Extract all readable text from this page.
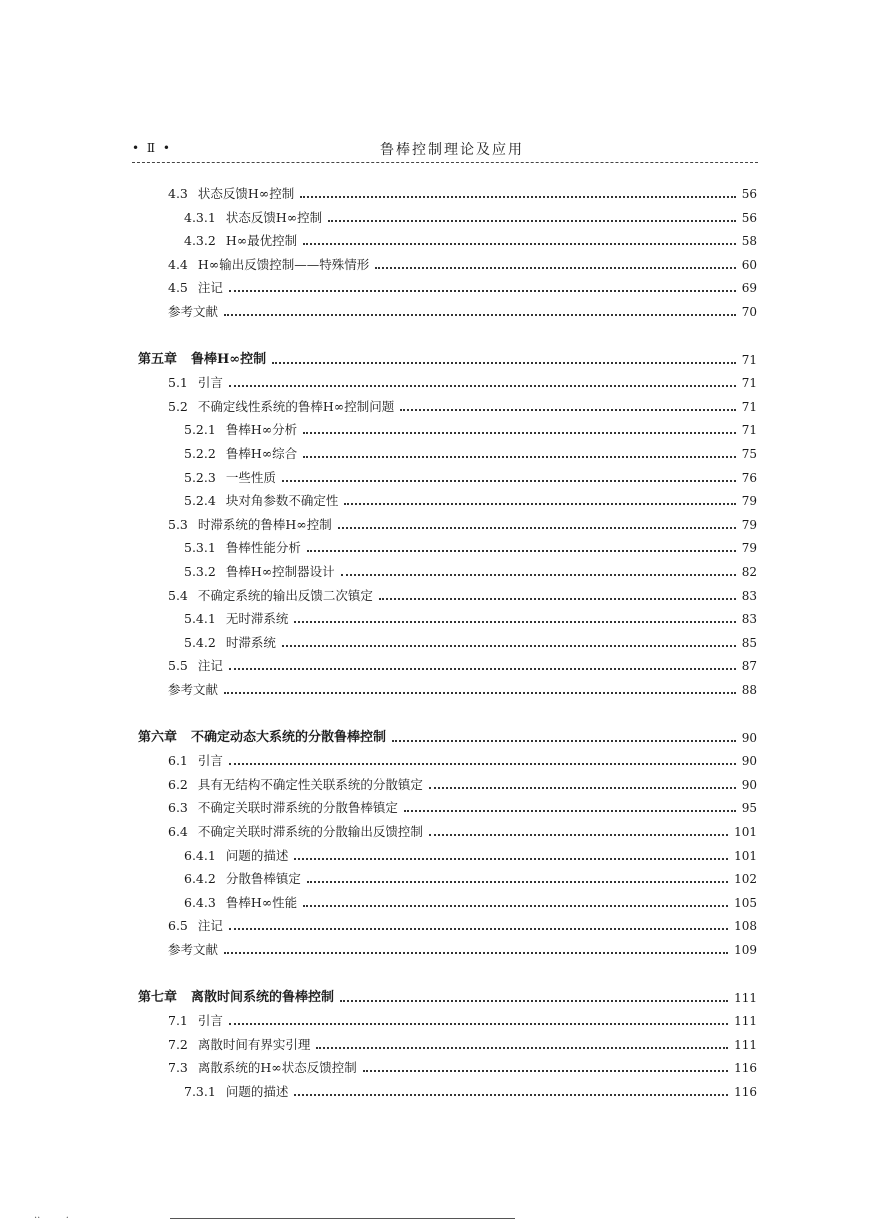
• Ⅱ •	鲁棒控制理论及应用
4.3 状态反馈H∞控制	56
4.3.1 状态反馈H∞控制	56
4.3.2 H∞最优控制	58
4.4 H∞输出反馈控制——特殊情形	60
4.5 注记	69
参考文献	70
第五章 鲁棒H∞控制	71
5.1 引言	71
5.2 不确定线性系统的鲁棒H∞控制问题	71
5.2.1 鲁棒H∞分析	71
5.2.2 鲁棒H∞综合	75
5.2.3 一些性质	76
5.2.4 块对角参数不确定性	79
5.3 时滞系统的鲁棒H∞控制	79
5.3.1 鲁棒性能分析	79
5.3.2 鲁棒H∞控制器设计	82
5.4 不确定系统的输出反馈二次镇定	83
5.4.1 无时滞系统	83
5.4.2 时滞系统	85
5.5 注记	87
参考文献	88
第六章 不确定动态大系统的分散鲁棒控制	90
6.1 引言	90
6.2 具有无结构不确定性关联系统的分散镇定	90
6.3 不确定关联时滞系统的分散鲁棒镇定	95
6.4 不确定关联时滞系统的分散输出反馈控制	101
6.4.1 问题的描述	101
6.4.2 分散鲁棒镇定	102
6.4.3 鲁棒H∞性能	105
6.5 注记	108
参考文献	109
第七章 离散时间系统的鲁棒控制	111
7.1 引言	111
7.2 离散时间有界实引理	111
7.3 离散系统的H∞状态反馈控制	116
7.3.1 问题的描述	116
··        ·
